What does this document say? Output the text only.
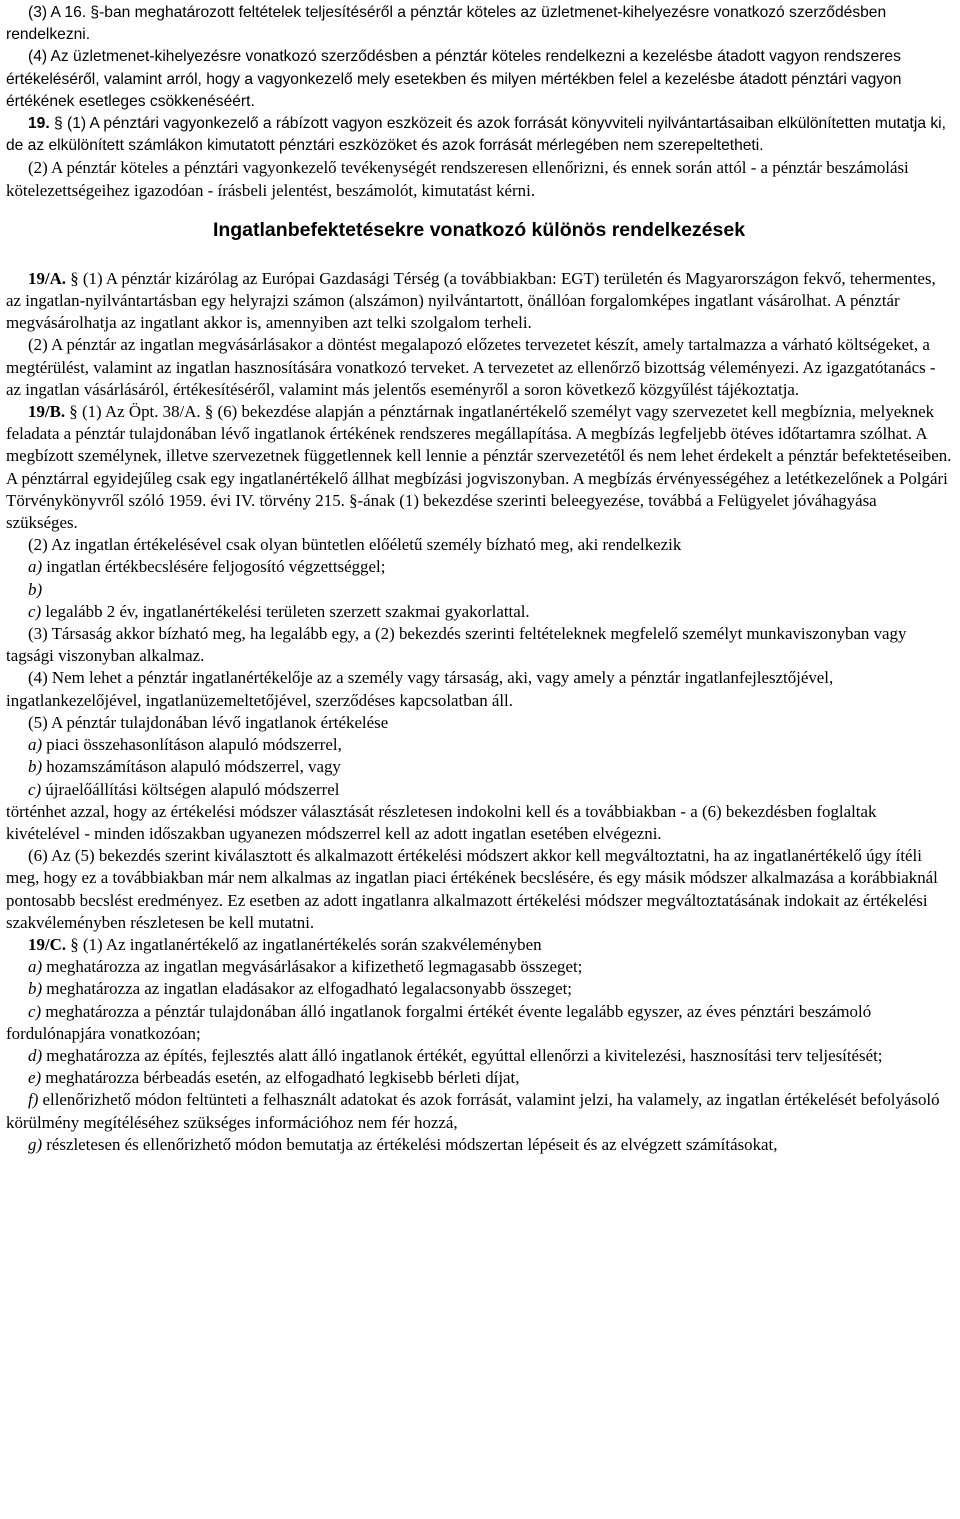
(3) A 16. §-ban meghatározott feltételek teljesítéséről a pénztár köteles az üzletmenet-kihelyezésre vonatkozó szerződésben rendelkezni.

(4) Az üzletmenet-kihelyezésre vonatkozó szerződésben a pénztár köteles rendelkezni a kezelésbe átadott vagyon rendszeres értékeléséről, valamint arról, hogy a vagyonkezelő mely esetekben és milyen mértékben felel a kezelésbe átadott pénztári vagyon értékének esetleges csökkenéséért.

19. § (1) A pénztári vagyonkezelő a rábízott vagyon eszközeit és azok forrását könyvviteli nyilvántartásaiban elkülönítetten mutatja ki, de az elkülönített számlákon kimutatott pénztári eszközöket és azok forrását mérlegében nem szerepeltetheti.

(2) A pénztár köteles a pénztári vagyonkezelő tevékenységét rendszeresen ellenőrizni, és ennek során attól - a pénztár beszámolási kötelezettségeihez igazodóan - írásbeli jelentést, beszámolót, kimutatást kérni.

Ingatlanbefektetésekre vonatkozó különös rendelkezések

19/A. § (1) A pénztár kizárólag az Európai Gazdasági Térség (a továbbiakban: EGT) területén és Magyarországon fekvő, tehermentes, az ingatlan-nyilvántartásban egy helyrajzi számon (alszámon) nyilvántartott, önállóan forgalomképes ingatlant vásárolhat. A pénztár megvásárolhatja az ingatlant akkor is, amennyiben azt telki szolgalom terheli.

(2) A pénztár az ingatlan megvásárlásakor a döntést megalapozó előzetes tervezetet készít, amely tartalmazza a várható költségeket, a megtérülést, valamint az ingatlan hasznosítására vonatkozó terveket. A tervezetet az ellenőrző bizottság véleményezi. Az igazgatótanács - az ingatlan vásárlásáról, értékesítéséről, valamint más jelentős eseményről a soron következő közgyűlést tájékoztatja.

19/B. § (1) Az Öpt. 38/A. § (6) bekezdése alapján a pénztárnak ingatlanértékelő személyt vagy szervezetet kell megbíznia, melyeknek feladata a pénztár tulajdonában lévő ingatlanok értékének rendszeres megállapítása. A megbízás legfeljebb ötéves időtartamra szólhat. A megbízott személynek, illetve szervezetnek függetlennek kell lennie a pénztár szervezetétől és nem lehet érdekelt a pénztár befektetéseiben. A pénztárral egyidejűleg csak egy ingatlanértékelő állhat megbízási jogviszonyban. A megbízás érvényességéhez a letétkezelőnek a Polgári Törvénykönyvről szóló 1959. évi IV. törvény 215. §-ának (1) bekezdése szerinti beleegyezése, továbbá a Felügyelet jóváhagyása szükséges.

(2) Az ingatlan értékelésével csak olyan büntetlen előéletű személy bízható meg, aki rendelkezik

a) ingatlan értékbecslésére feljogosító végzettséggel;

b)

c) legalább 2 év, ingatlanértékelési területen szerzett szakmai gyakorlattal.

(3) Társaság akkor bízható meg, ha legalább egy, a (2) bekezdés szerinti feltételeknek megfelelő személyt munkaviszonyban vagy tagsági viszonyban alkalmaz.

(4) Nem lehet a pénztár ingatlanértékelője az a személy vagy társaság, aki, vagy amely a pénztár ingatlanfejlesztőjével, ingatlankezelőjével, ingatlanüzemeltetőjével, szerződéses kapcsolatban áll.

(5) A pénztár tulajdonában lévő ingatlanok értékelése

a) piaci összehasonlításon alapuló módszerrel,

b) hozamszámításon alapuló módszerrel, vagy

c) újraelőállítási költségen alapuló módszerrel

történhet azzal, hogy az értékelési módszer választását részletesen indokolni kell és a továbbiakban - a (6) bekezdésben foglaltak kivételével - minden időszakban ugyanezen módszerrel kell az adott ingatlan esetében elvégezni.

(6) Az (5) bekezdés szerint kiválasztott és alkalmazott értékelési módszert akkor kell megváltoztatni, ha az ingatlanértékelő úgy ítéli meg, hogy ez a továbbiakban már nem alkalmas az ingatlan piaci értékének becslésére, és egy másik módszer alkalmazása a korábbiaknál pontosabb becslést eredményez. Ez esetben az adott ingatlanra alkalmazott értékelési módszer megváltoztatásának indokait az értékelési szakvéleményben részletesen be kell mutatni.

19/C. § (1) Az ingatlanértékelő az ingatlanértékelés során szakvéleményben

a) meghatározza az ingatlan megvásárlásakor a kifizethető legmagasabb összeget;

b) meghatározza az ingatlan eladásakor az elfogadható legalacsonyabb összeget;

c) meghatározza a pénztár tulajdonában álló ingatlanok forgalmi értékét évente legalább egyszer, az éves pénztári beszámoló fordulónapjára vonatkozóan;

d) meghatározza az építés, fejlesztés alatt álló ingatlanok értékét, egyúttal ellenőrzi a kivitelezési, hasznosítási terv teljesítését;

e) meghatározza bérbeadás esetén, az elfogadható legkisebb bérleti díjat,

f) ellenőrizhető módon feltünteti a felhasznált adatokat és azok forrását, valamint jelzi, ha valamely, az ingatlan értékelését befolyásoló körülmény megítéléséhez szükséges információhoz nem fér hozzá,

g) részletesen és ellenőrizhető módon bemutatja az értékelési módszertan lépéseit és az elvégzett számításokat,
